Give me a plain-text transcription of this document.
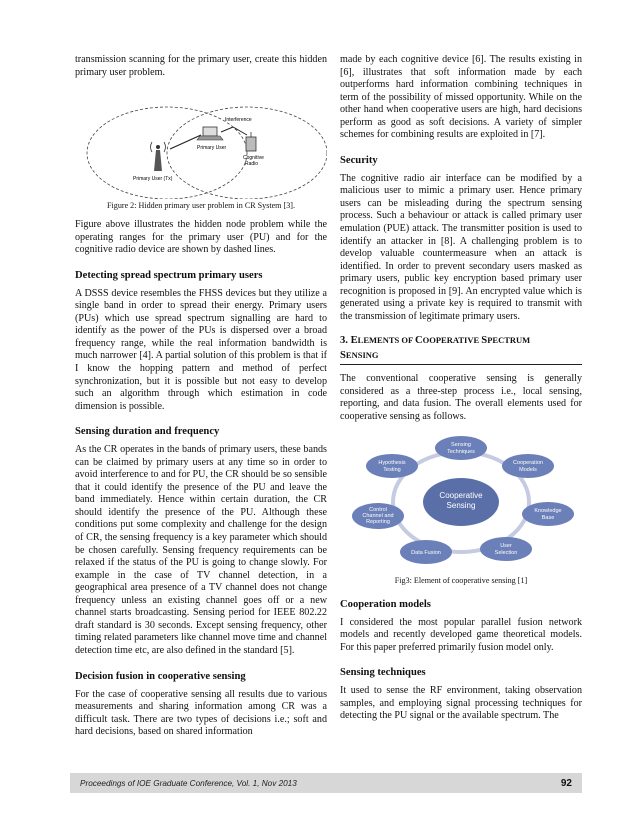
transmission scanning for the primary user, create this hidden primary user problem.

Interference
Primary User
Cognitive
Radio
Primary User (Tx)
Figure 2: Hidden primary user problem in CR System [3].

Figure above illustrates the hidden node problem while the operating ranges for the primary user (PU) and for the cognitive radio device are shown by dashed lines.

Detecting spread spectrum primary users

A DSSS device resembles the FHSS devices but they utilize a single band in order to spread their energy. Primary users (PUs) which use spread spectrum signalling are hard to identify as the power of the PUs is dispersed over a broad frequency range, while the real information bandwidth is much narrower [4]. A partial solution of this problem is that if I know the hopping pattern and method of perfect synchronization, but it is possible but not easy to develop such an algorithm through which estimation in code dimension is possible.

Sensing duration and frequency

As the CR operates in the bands of primary users, these bands can be claimed by primary users at any time so in order to avoid interference to and for PU, the CR should be so sensible that it could identify the presence of the PU and leave the band immediately. Hence within certain duration, the CR should identify the presence of the PU. Although these conditions put some complexity and challenge for the design of CR, the sensing frequency is a key parameter which should be chosen carefully. Sensing frequency requirements can be relaxed if the status of the PU is going to change slowly. For example in the case of TV channel detection, in a geographical area presence of a TV channel does not change frequency unless an existing channel goes off or a new channel starts broadcasting. Sensing period for IEEE 802.22 draft standard is 30 seconds. Except sensing frequency, other timing related parameters like channel move time and channel detection time etc, are also defined in the standard [5].

Decision fusion in cooperative sensing

For the case of cooperative sensing all results due to various measurements and sharing information among CR was a difficult task. There are two types of decisions i.e.; soft and hard decisions, based on shared information

made by each cognitive device [6]. The results existing in [6], illustrates that soft information made by each outperforms hard information combining techniques in term of the possibility of missed opportunity. While on the other hand when cooperative users are high, hard decisions perform as good as soft decisions. A variety of simpler schemes for combining results are exploited in [7].

Security

The cognitive radio air interface can be modified by a malicious user to mimic a primary user. Hence primary users can be misleading during the spectrum sensing process. Such a behaviour or attack is called primary user emulation (PUE) attack. The transmitter position is used to identify an attacker in [8]. A challenging problem is to develop valuable countermeasure when an attack is identified. In order to prevent secondary users masked as primary users, public key encryption based primary user recognition is proposed in [9]. An encrypted value which is generated using a private key is required to transmit with the transmission of legitimate primary users.

3. ELEMENTS OF COOPERATIVE SPECTRUM
SENSING

The conventional cooperative sensing is generally considered as a three-step process i.e., local sensing, reporting, and data fusion. The overall elements used for cooperative sensing as follows.

Cooperative
Sensing
Sensing
Techniques
Cooperation
Models
Knowledge
Base
User
Selection
Data Fusion
Control
Channel and
Reporting
Hypothesis
Testing
Fig3: Element of cooperative sensing [1]
Cooperation models

I considered the most popular parallel fusion network models and recently developed game theoretical models. For this paper preferred primarily fusion model only.

Sensing techniques

It used to sense the RF environment, taking observation samples, and employing signal processing techniques for detecting the PU signal or the available spectrum. The

Proceedings of IOE Graduate Conference, Vol. 1, Nov 2013	92
